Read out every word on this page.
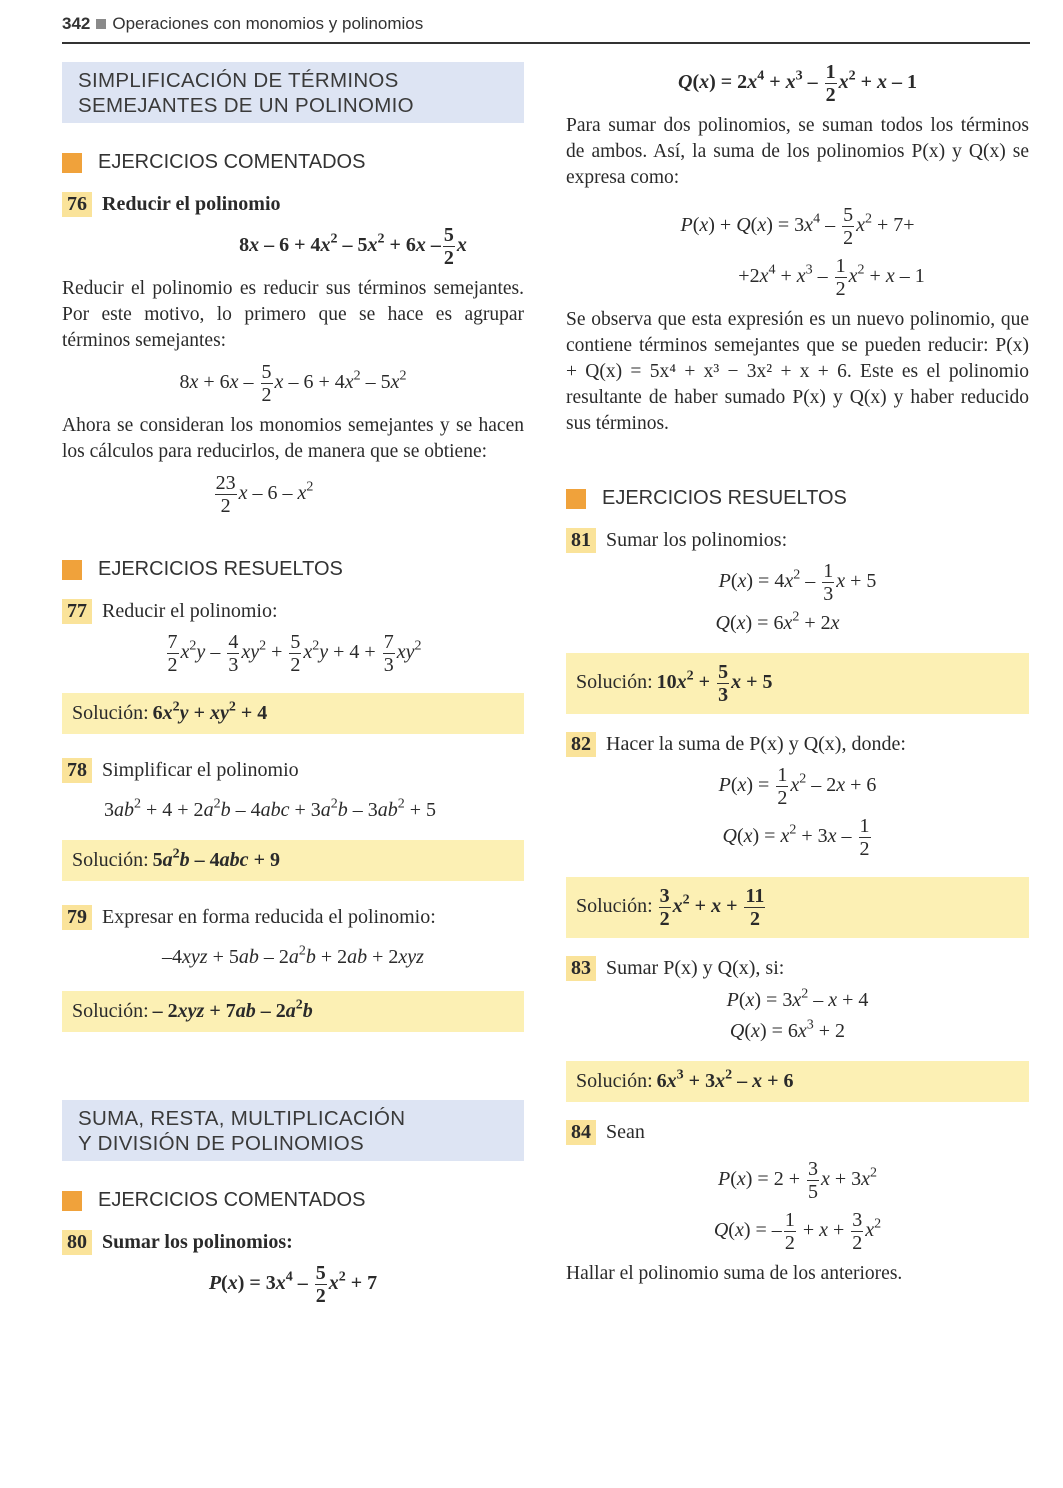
342 Operaciones con monomios y polinomios
SIMPLIFICACIÓN DE TÉRMINOS
SEMEJANTES DE UN POLINOMIO
EJERCICIOS COMENTADOS
76 Reducir el polinomio
$8x - 6 + 4x^2 - 5x^2 + 6x - \frac{5}{2}$ x
Reducir el polinomio es reducir sus términos semejantes. Por este motivo, lo primero que se hace es agrupar términos semejantes:
$8x + 6x - \frac{5}{2}$ $x - 6 + 4x^2 - 5x^2$
Ahora se consideran los monomios semejantes y se hacen los cálculos para reducirlos, de manera que se obtiene:
$\frac{23}{2}$ x – $6 - x^2$
EJERCICIOS RESUELTOS
77 Reducir el polinomio:
$\frac{7}{2} x^2y - \frac{4}{3} xy^2 + \frac{5}{2} x^2y + 4 + \frac{7}{3} xy^2$
Solución: $6x^2y + xy^2 + 4$
78 Simplificar el polinomio
$3ab^2 + 4 + 2a^2b - 4abc + 3a^2b - 3ab^2 + 5$
Solución: $5a^2b - 4abc + 9$
79 Expresar en forma reducida el polinomio:
$-4xyz + 5ab - 2a^2b + 2ab + 2xyz$
Solución: – $2xyz + 7ab - 2a^2b$
SUMA, RESTA, MULTIPLICACIÓN
Y DIVISIÓN DE POLINOMIOS
EJERCICIOS COMENTADOS
80 Sumar los polinomios:
$P(x) = 3x^4 - \frac{5}{2} x^2 + 7$
$Q(x) = 2x^4 + x^3 - \frac{1}{2} x^2 + x - 1$
Para sumar dos polinomios, se suman todos los términos de ambos. Así, la suma de los polinomios P(x) y Q(x) se expresa como:
$P(x) + Q(x) = 3x^4 - \frac{5}{2} x^2 + 7+$
$+2x^4 + x^3 - \frac{1}{2} x^2 + x - 1$
Se observa que esta expresión es un nuevo polinomio, que contiene términos semejantes que se pueden reducir: P(x) + Q(x) = 5x⁴ + x³ − 3x² + x + 6. Este es el polinomio resultante de haber sumado P(x) y Q(x) y haber reducido sus términos.
EJERCICIOS RESUELTOS
81 Sumar los polinomios:
$P(x) = 4x^2 - \frac{1}{3}$ x + 5
$Q(x) = 6x^2 + 2x$
Solución: $10x^2 + \frac{5}{3}$ x + 5
82 Hacer la suma de P(x) y Q(x), donde:
$P(x) = \frac{1}{2} x^2 - 2x + 6$
$Q(x) = x^2 + 3x - \frac{1}{2}$
Solución: $\frac{3}{2} x^2 + x + \frac{11}{2}$
83 Sumar P(x) y Q(x), si:
$P(x) = 3x^2 - x + 4$
$Q(x) = 6x^3 + 2$
Solución: $6x^3 + 3x^2 - x + 6$
84 Sean
$P(x) = 2 + \frac{3}{5}$ $x + 3x^2$
Q(x) = – $\frac{1}{2} + x + \frac{3}{2} x^2$
Hallar el polinomio suma de los anteriores.
